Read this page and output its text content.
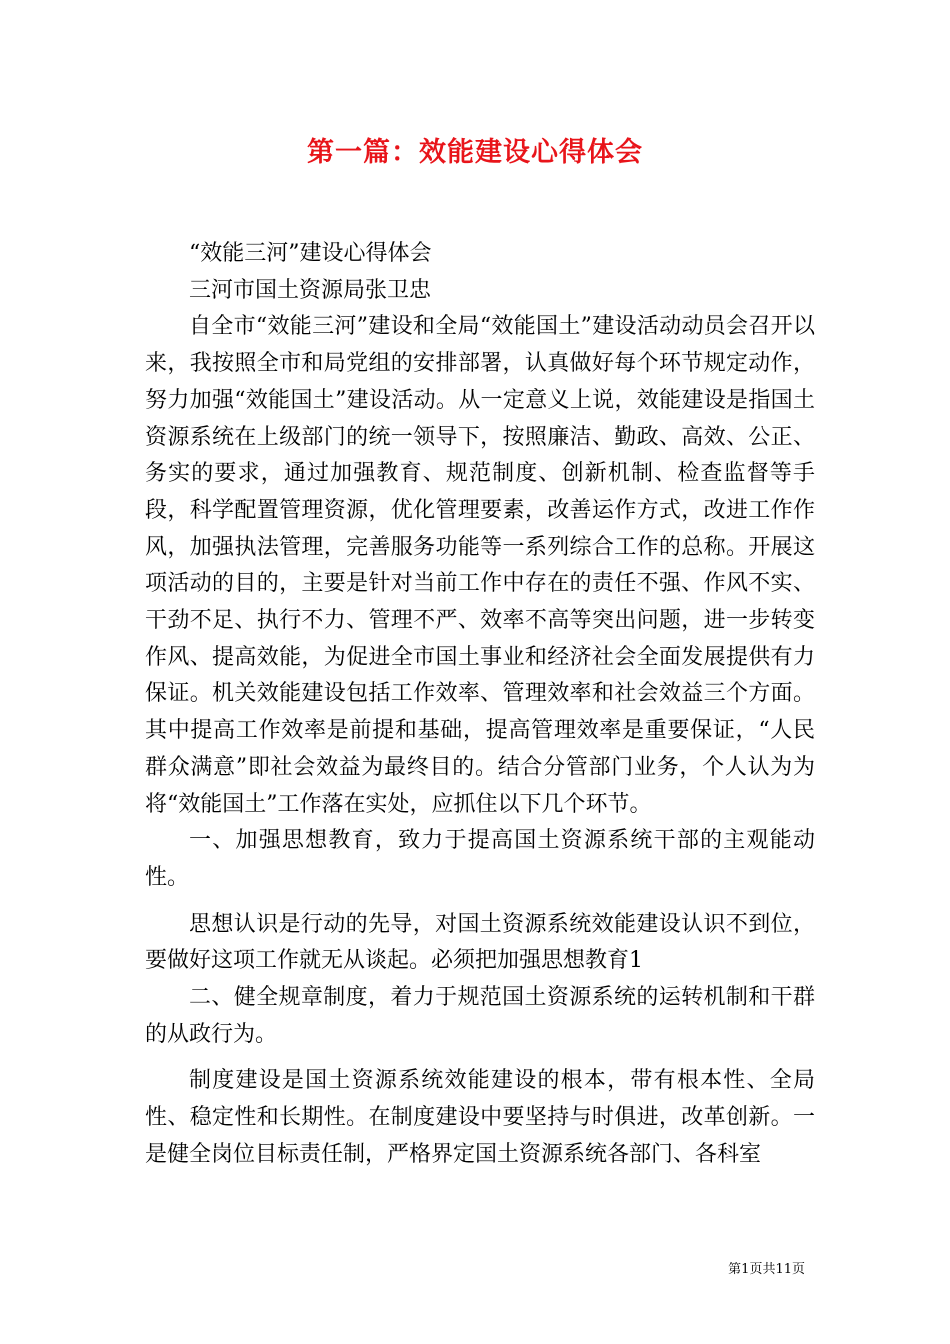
第一篇：效能建设心得体会

“效能三河”建设心得体会

三河市国土资源局张卫忠

自全市“效能三河”建设和全局“效能国土”建设活动动员会召开以来，我按照全市和局党组的安排部署，认真做好每个环节规定动作，努力加强“效能国土”建设活动。从一定意义上说，效能建设是指国土资源系统在上级部门的统一领导下，按照廉洁、勤政、高效、公正、务实的要求，通过加强教育、规范制度、创新机制、检查监督等手段，科学配置管理资源，优化管理要素，改善运作方式，改进工作作风，加强执法管理，完善服务功能等一系列综合工作的总称。开展这项活动的目的，主要是针对当前工作中存在的责任不强、作风不实、干劲不足、执行不力、管理不严、效率不高等突出问题，进一步转变作风、提高效能，为促进全市国土事业和经济社会全面发展提供有力保证。机关效能建设包括工作效率、管理效率和社会效益三个方面。其中提高工作效率是前提和基础，提高管理效率是重要保证，“人民群众满意”即社会效益为最终目的。结合分管部门业务，个人认为为将“效能国土”工作落在实处，应抓住以下几个环节。

一、加强思想教育，致力于提高国土资源系统干部的主观能动性。

思想认识是行动的先导，对国土资源系统效能建设认识不到位，要做好这项工作就无从谈起。必须把加强思想教育1

二、健全规章制度，着力于规范国土资源系统的运转机制和干群的从政行为。

制度建设是国土资源系统效能建设的根本，带有根本性、全局性、稳定性和长期性。在制度建设中要坚持与时俱进，改革创新。一是健全岗位目标责任制，严格界定国土资源系统各部门、各科室

第1页共11页
